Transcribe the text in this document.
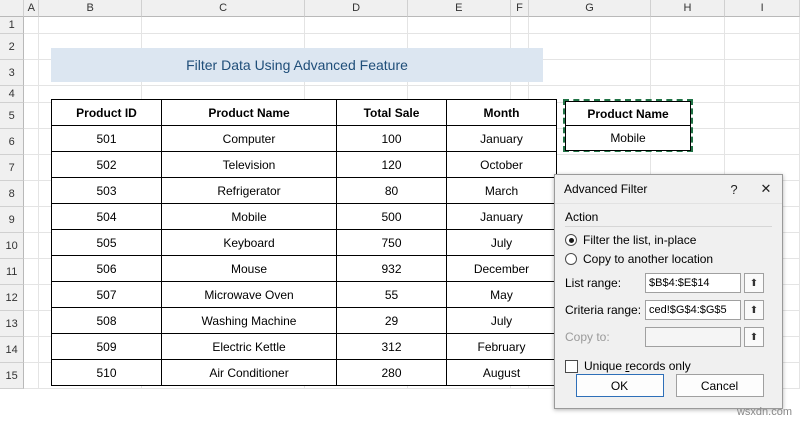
A	B	C	D	E	F	G	H	I
1
2
3
4
5
6
7
8
9
10
11
12
13
14
15
Filter Data Using Advanced Feature
Product ID	Product Name	Total Sale	Month
501	Computer	100	January
502	Television	120	October
503	Refrigerator	80	March
504	Mobile	500	January
505	Keyboard	750	July
506	Mouse	932	December
507	Microwave Oven	55	May
508	Washing Machine	29	July
509	Electric Kettle	312	February
510	Air Conditioner	280	August
Product Name
Mobile
Advanced Filter	?	✕
Action
Filter the list, in-place
Copy to another location
List range:	$B$4:$E$14	⬆
Criteria range: ced!$G$4:$G$5	⬆
Copy to:	⬆
Unique records only
OK	Cancel
wsxdn.com
